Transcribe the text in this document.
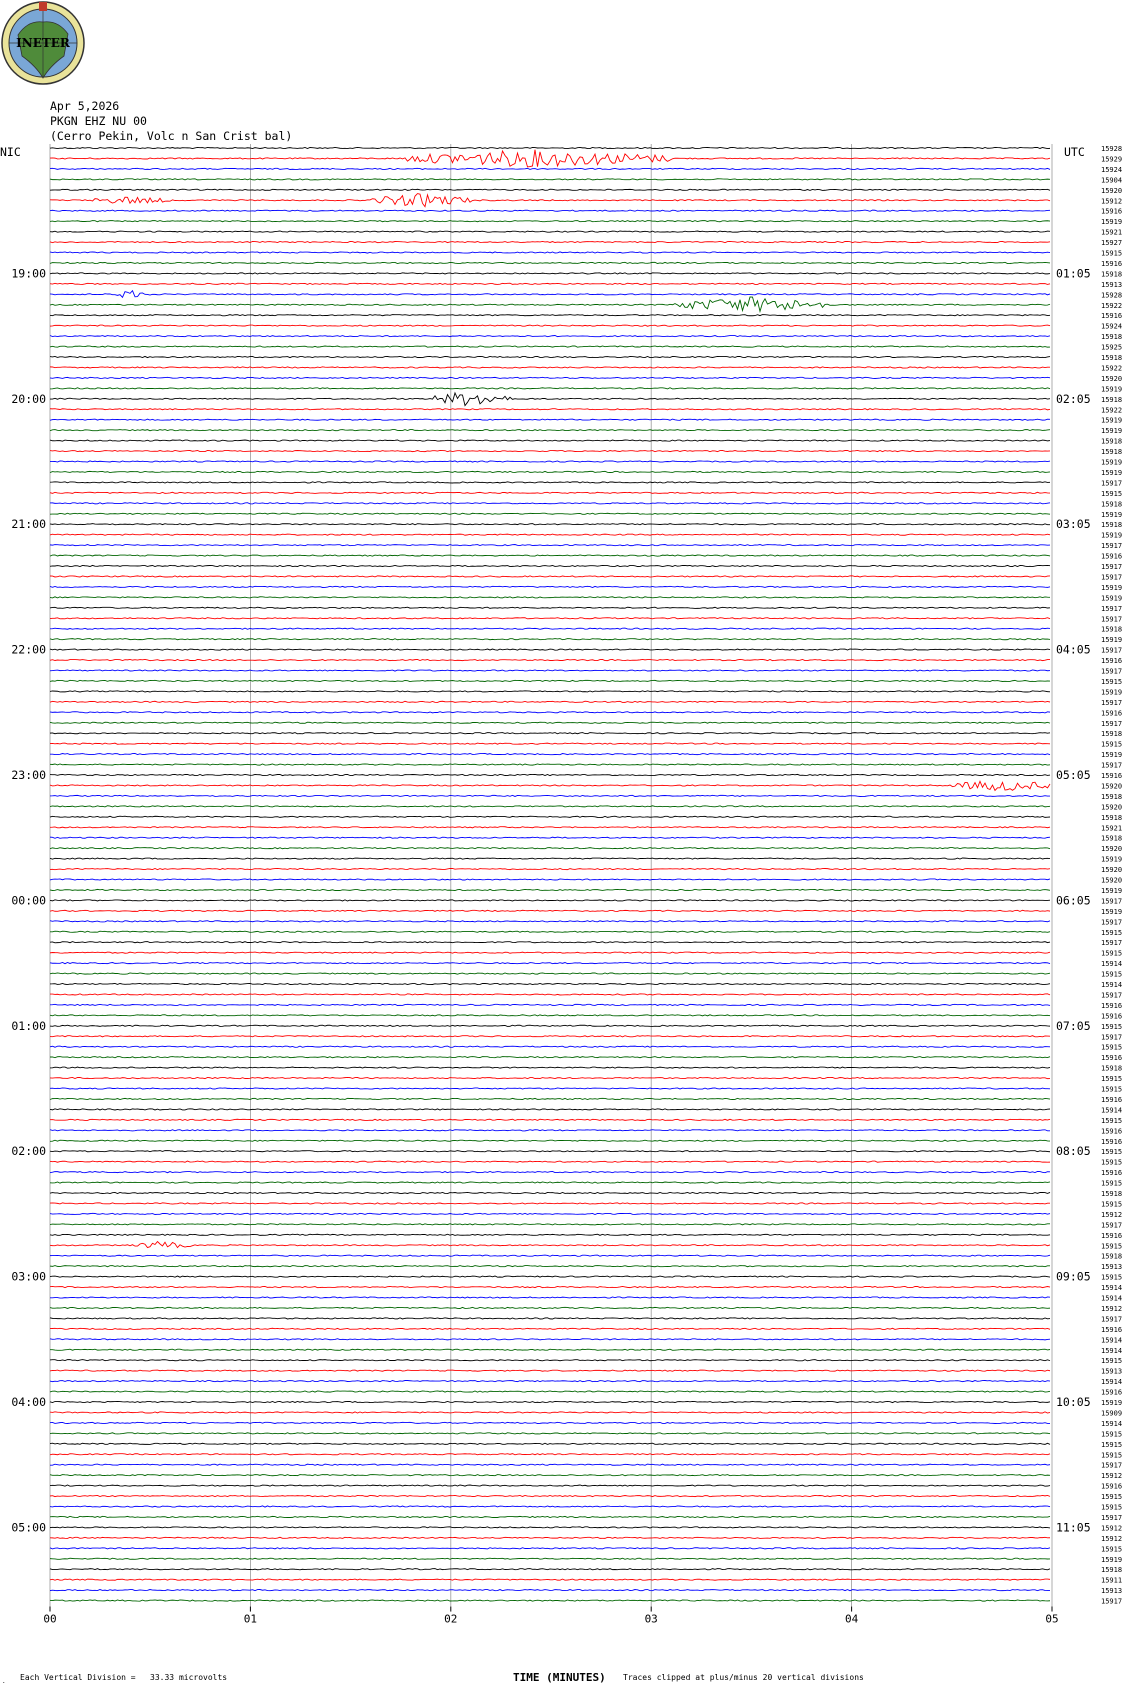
INETER
Apr 5,2026
PKGN EHZ NU 00
(Cerro Pekin, Volc n San Crist bal)
NIC	UTC
19:00
20:00
21:00
22:00
23:00
00:00
01:00
02:00
03:00
04:00
05:00
01:05
02:05
03:05
04:05
05:05
06:05
07:05
08:05
09:05
10:05
11:05
15928
15929
15924
15904
15920
15912
15916
15919
15921
15927
15915
15916
15918
15913
15928
15922
15916
15924
15918
15925
15918
15922
15920
15919
15918
15922
15919
15919
15918
15918
15919
15919
15917
15915
15918
15919
15918
15919
15917
15916
15917
15917
15919
15919
15917
15917
15918
15919
15917
15916
15917
15915
15919
15917
15916
15917
15918
15915
15919
15917
15916
15920
15918
15920
15918
15921
15918
15920
15919
15920
15920
15919
15917
15919
15917
15915
15917
15915
15914
15915
15914
15917
15916
15916
15915
15917
15915
15916
15918
15915
15915
15916
15914
15915
15916
15916
15915
15915
15916
15915
15918
15915
15912
15917
15916
15915
15918
15913
15915
15914
15914
15912
15917
15916
15914
15914
15915
15913
15914
15916
15919
15909
15914
15915
15915
15915
15917
15912
15916
15915
15915
15917
15912
15912
15915
15919
15918
15911
15913
15917
00	01	02	03	04	05
Each Vertical Division =   33.33 microvolts	TIME (MINUTES) Traces clipped at plus/minus 20 vertical divisions
.
